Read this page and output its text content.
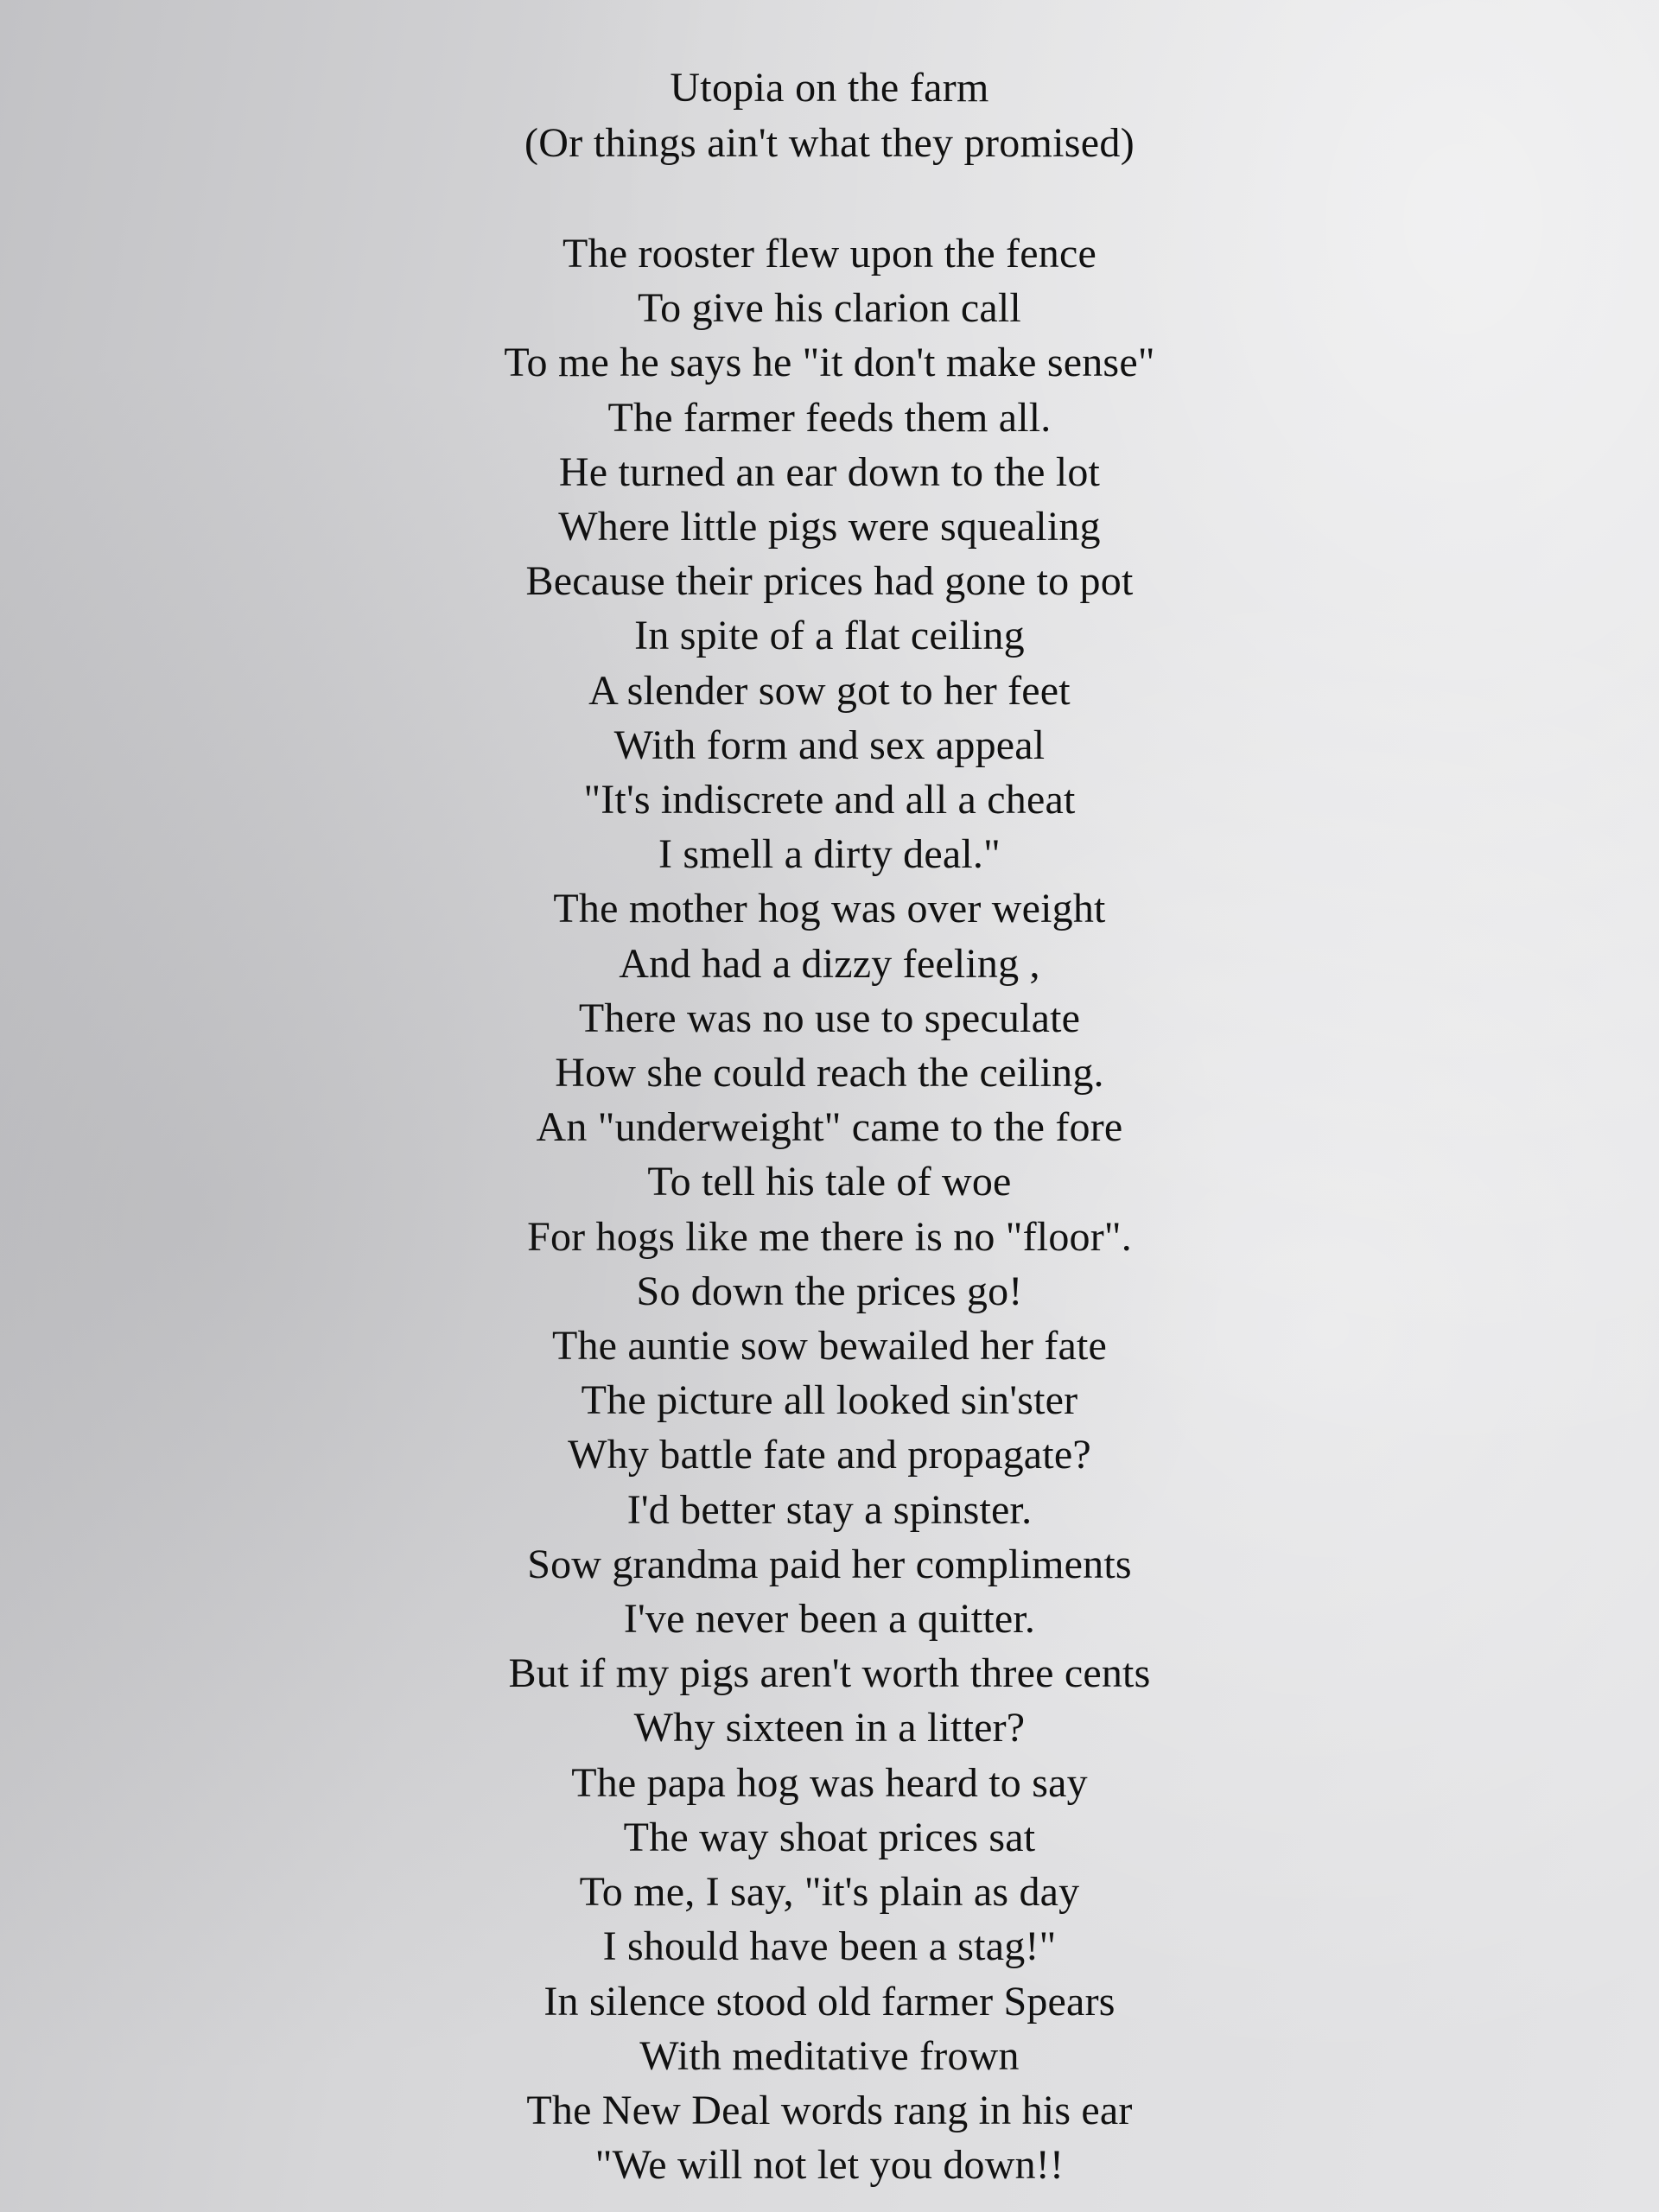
Utopia on the farm
(Or things ain't what they promised)
The rooster flew upon the fence
To give his clarion call
To me he says he "it don't make sense"
The farmer feeds them all.
He turned an ear down to the lot
Where little pigs were squealing
Because their prices had gone to pot
In spite of a flat ceiling
A slender sow got to her feet
With form and sex appeal
"It's indiscrete and all a cheat
I smell a dirty deal."
The mother hog was over weight
And had a dizzy feeling ,
There was no use to speculate
How she could reach the ceiling.
An "underweight" came to the fore
To tell his tale of woe
For hogs like me there is no "floor".
So down the prices go!
The auntie sow bewailed her fate
The picture all looked sin'ster
Why battle fate and propagate?
I'd better stay a spinster.
Sow grandma paid her compliments
I've never been a quitter.
But if my pigs aren't worth three cents
Why sixteen in a litter?
The papa hog was heard to say
The way shoat prices sat
To me, I say, "it's plain as day
I should have been a stag!"
In silence stood old farmer Spears
With meditative frown
The New Deal words rang in his ear
"We will not let you down!!
